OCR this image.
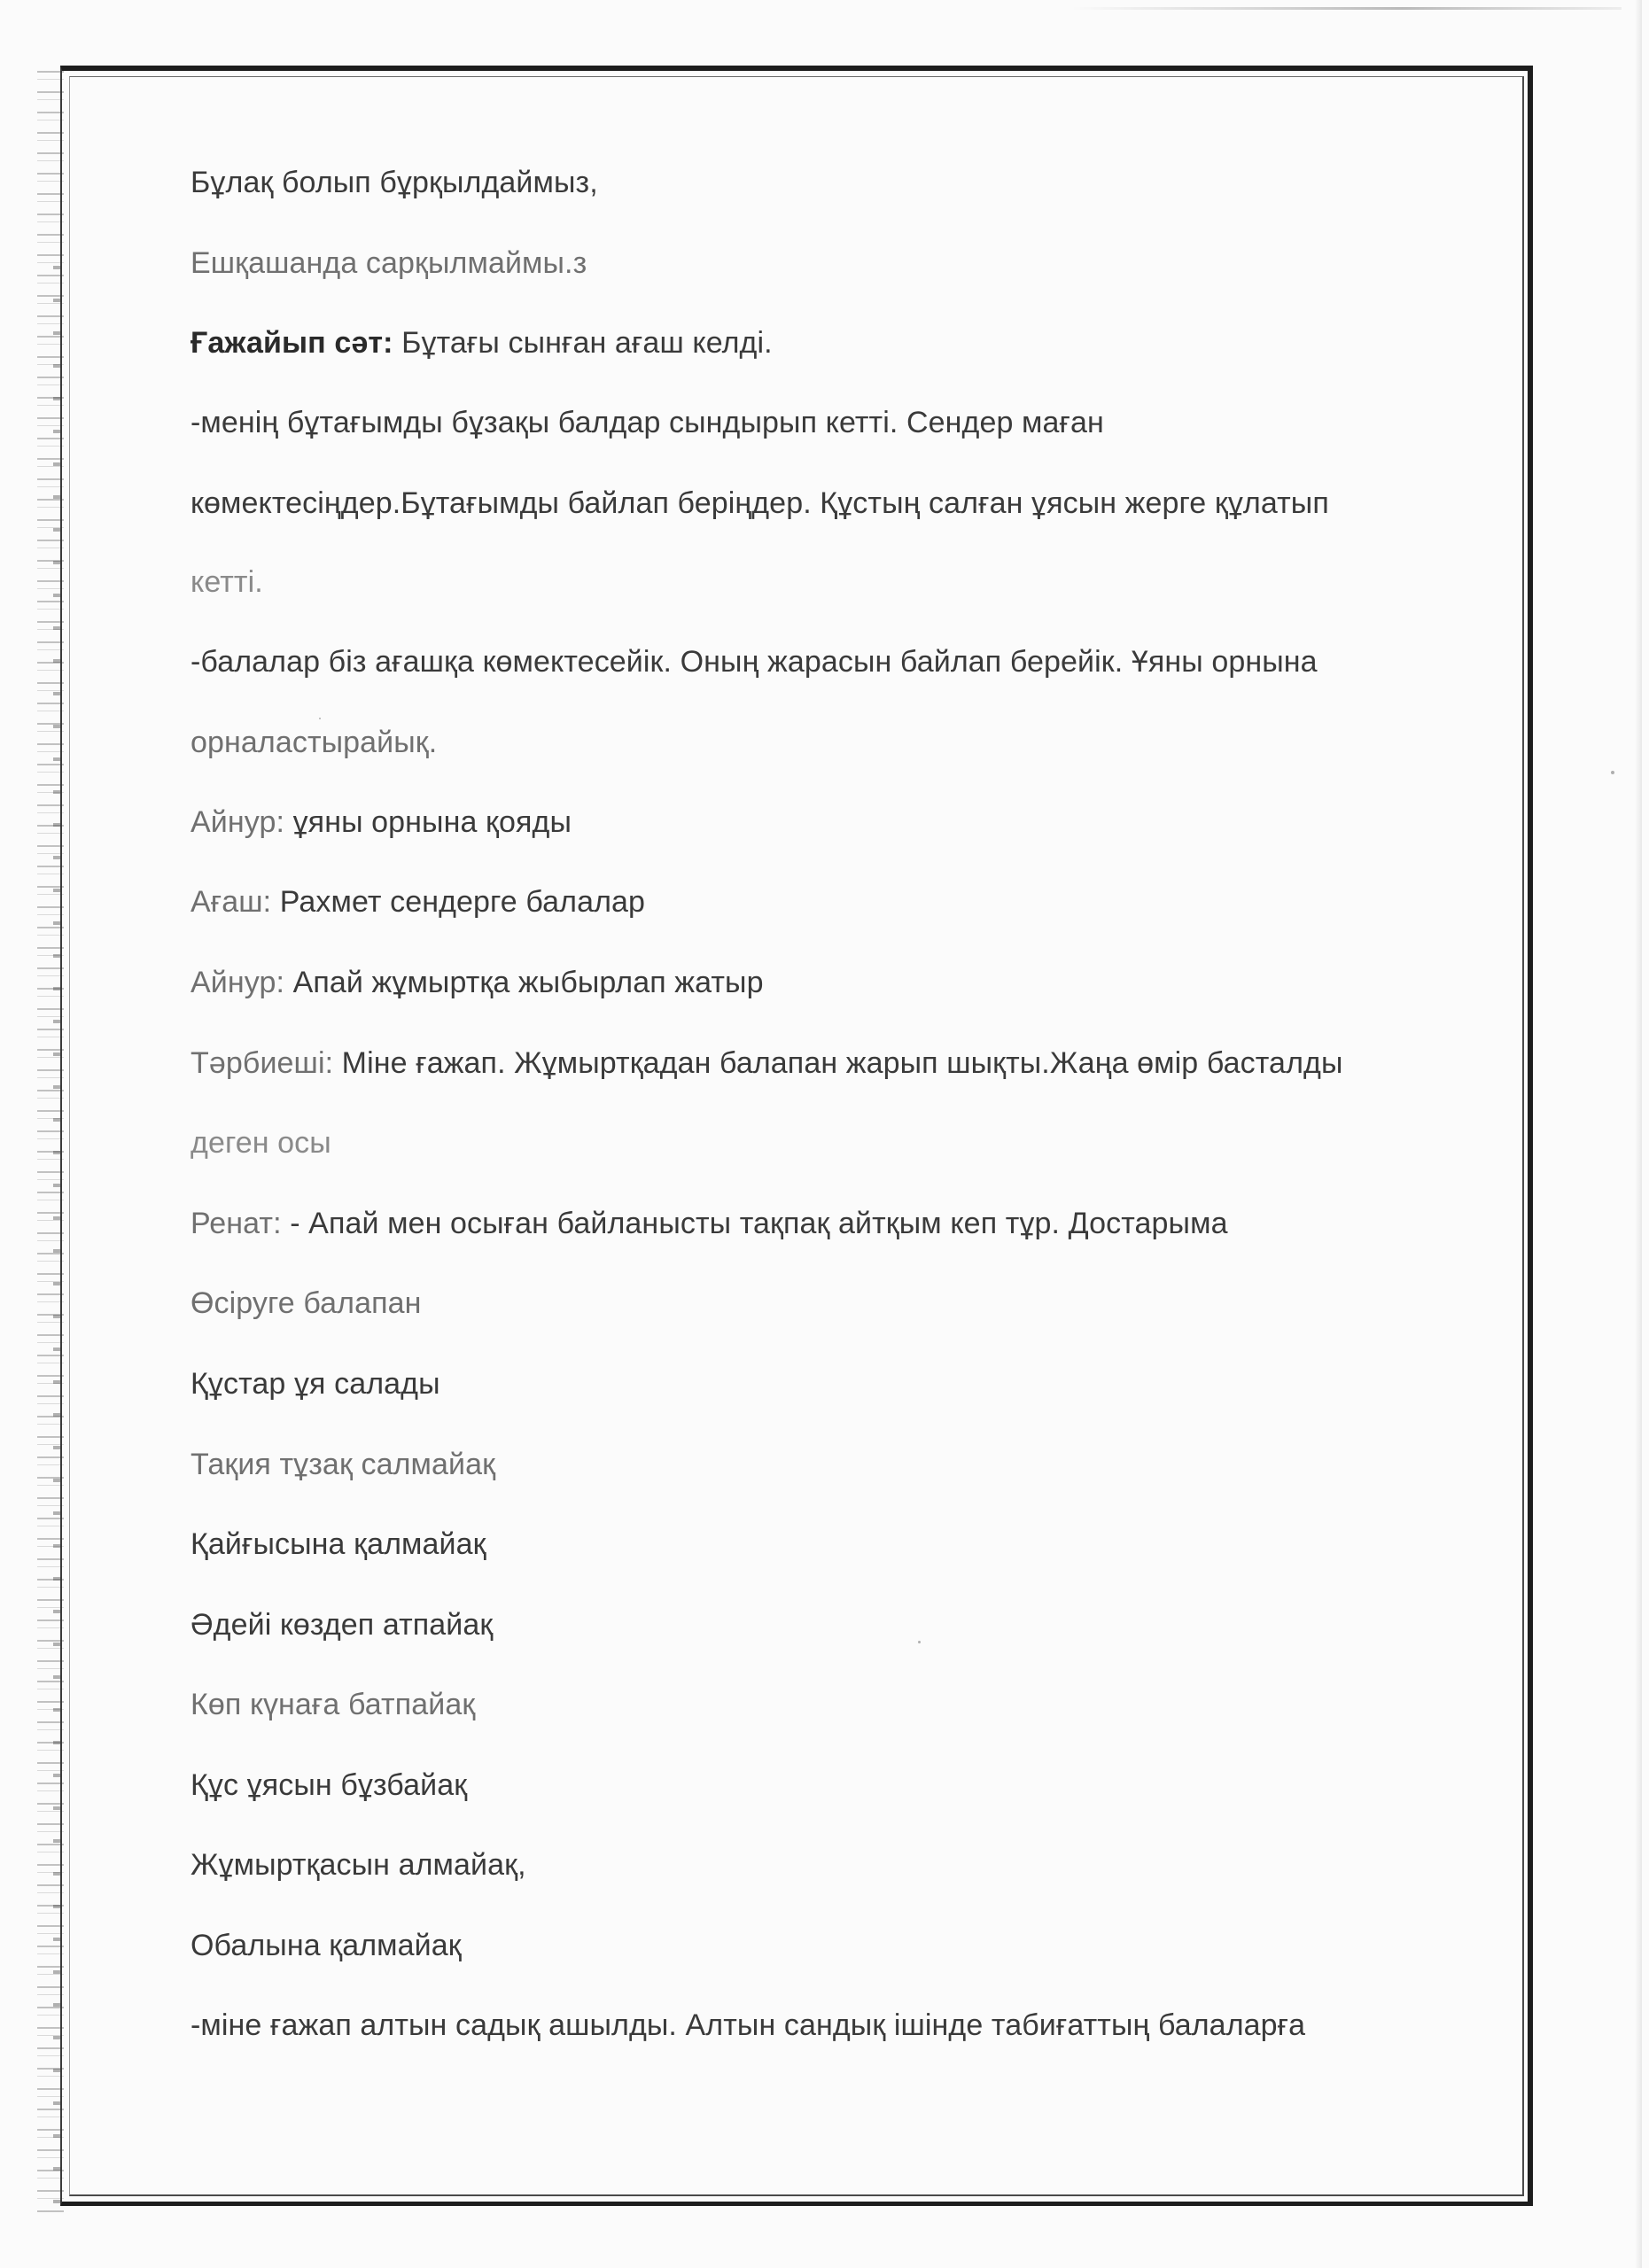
Бұлақ болып бұрқылдаймыз,
Ешқашанда сарқылмаймы.з
Ғажайып сәт: Бұтағы сынған ағаш келді.
-менің бұтағымды бұзақы балдар сындырып кетті. Сендер маған
көмектесіңдер.Бұтағымды байлап беріңдер. Құстың салған ұясын жерге құлатып
кетті.
-балалар біз ағашқа көмектесейік. Оның жарасын байлап берейік. Ұяны орнына
орналастырайық.
Айнур: ұяны орнына қояды
Ағаш: Рахмет сендерге балалар
Айнур: Апай жұмыртқа жыбырлап жатыр
Тәрбиеші: Міне ғажап. Жұмыртқадан балапан жарып шықты.Жаңа өмір басталды
деген осы
Ренат: - Апай мен осыған байланысты тақпақ айтқым кеп тұр. Достарыма
Өсіруге балапан
Құстар ұя салады
Тақия тұзақ салмайақ
Қайғысына қалмайақ
Әдейі көздеп атпайақ
Көп күнаға батпайақ
Құс ұясын бұзбайақ
Жұмыртқасын алмайақ,
Обалына қалмайақ
-міне ғажап алтын садық ашылды. Алтын сандық ішінде табиғаттың балаларға
